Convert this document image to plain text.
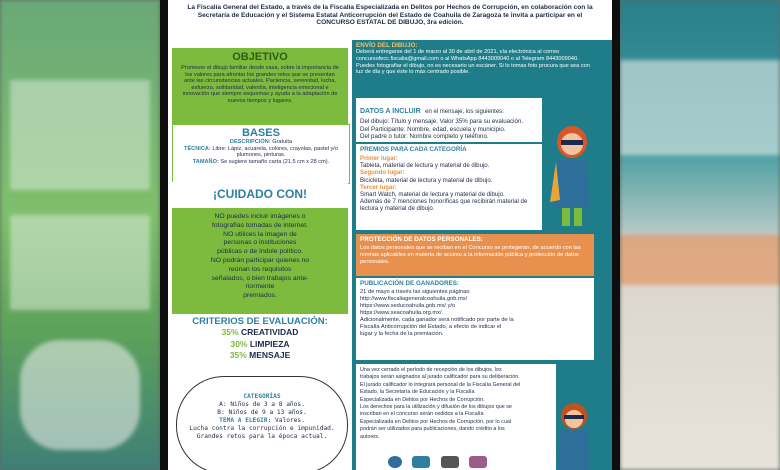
La Fiscalía General del Estado, a través de la Fiscalía Especializada en Delitos por Hechos de Corrupción, en colaboración con la Secretaría de Educación y el Sistema Estatal Anticorrupción del Estado de Coahuila de Zaragoza te invita a participar en el CONCURSO ESTATAL DE DIBUJO, 3ra edición.
OBJETIVO
Promover el dibujo familiar desde casa, sobre la importancia de los valores para afrontar los grandes retos que se presentan ante las circunstancias actuales. Paciencia, serenidad, lucha, esfuerzo, solidaridad, valentía, inteligencia emocional e innovación que siempre esquemas y ayuda a la adaptación de nuevos tiempos y lugares.
BASES
DESCRIPCIÓN: Gratuita
TÉCNICA: Libre: Lápiz, acuarela, colores, crayolas, pastel y/o plumones, pinturas.
TAMAÑO: Se sugiere tamaño carta (21.5 cm x 28 cm).
¡CUIDADO CON!
NO puedes incluir imágenes o
fotografías tomadas de internet.
NO utilices la imagen de
personas o instituciones
públicas o de índole político.
NO podrán participar quienes no
reúnan los requisitos
señalados, o bien trabajos ante-
riormente
premiados.
CRITERIOS DE EVALUACIÓN:
35% CREATIVIDAD
30% LIMPIEZA
35% MENSAJE
CATEGORÍAS
A: Niños de 3 a 8 años.
B: Niños de 9 a 13 años.
TEMA A ELEGIR: Valores.
Lucha contra la corrupción e impunidad.
Grandes retos para la época actual.
ENVÍO DEL DIBUJO:
Deberá entregarse del 1 de marzo al 30 de abril de 2021, vía electrónica al correo concursofecc.fiscalia@gmail.com o al WhatsApp 8443009040 o al Telegram 8443009040. Puedes fotografiar el dibujo, no es necesario un escáner. Si lo tomas foto procura que sea con luz de día y que éste lo más centrado posible.
DATOS A INCLUIR en el mensaje, los siguientes:
Del dibujo: Título y mensaje. Valor 35% para su evaluación.
Del Participante: Nombre, edad, escuela y municipio.
Del padre o tutor: Nombre completo y teléfono.
PREMIOS PARA CADA CATEGORÍA
Primer lugar:
Tableta, material de lectura y material de dibujo.
Segundo lugar:
Bicicleta, material de lectura y material de dibujo.
Tercer lugar:
Smart Watch, material de lectura y material de dibujo.
Además de 7 menciones honoríficas que recibirán material de lectura y material de dibujo.
PROTECCIÓN DE DATOS PERSONALES:
Los datos personales que se reciban en el Concurso se protegerán, de acuerdo con las normas aplicables en materia de acceso a la información pública y protección de datos personales.
PUBLICACIÓN DE GANADORES:
21 de mayo a través las siguientes páginas:
http://www.fiscaliageneralcoahuila.gob.mx/
https://www.seducoahuila.gob.mx/ y/o
https://www.seacoahuila.org.mx/.
Adicionalmente, cada ganador será notificado por parte de la
Fiscalía Anticorrupción del Estado, a efecto de indicar el
lugar y la fecha de la premiación.
Una vez cerrado el período de recepción de los dibujos, los
trabajos serán asignados al jurado calificador para su deliberación.
El jurado calificador lo integrará personal de la Fiscalía General del
Estado, la Secretaría de Educación y la Fiscalía
Especializada en Delitos por Hechos de Corrupción.
Los derechos para la utilización y difusión de los dibujos que se
inscriban en el concurso serán cedidos a la Fiscalía
Especializada en Delitos por Hechos de Corrupción, por lo cual
podrán ser utilizados para publicaciones, dando crédito a los
autores.
